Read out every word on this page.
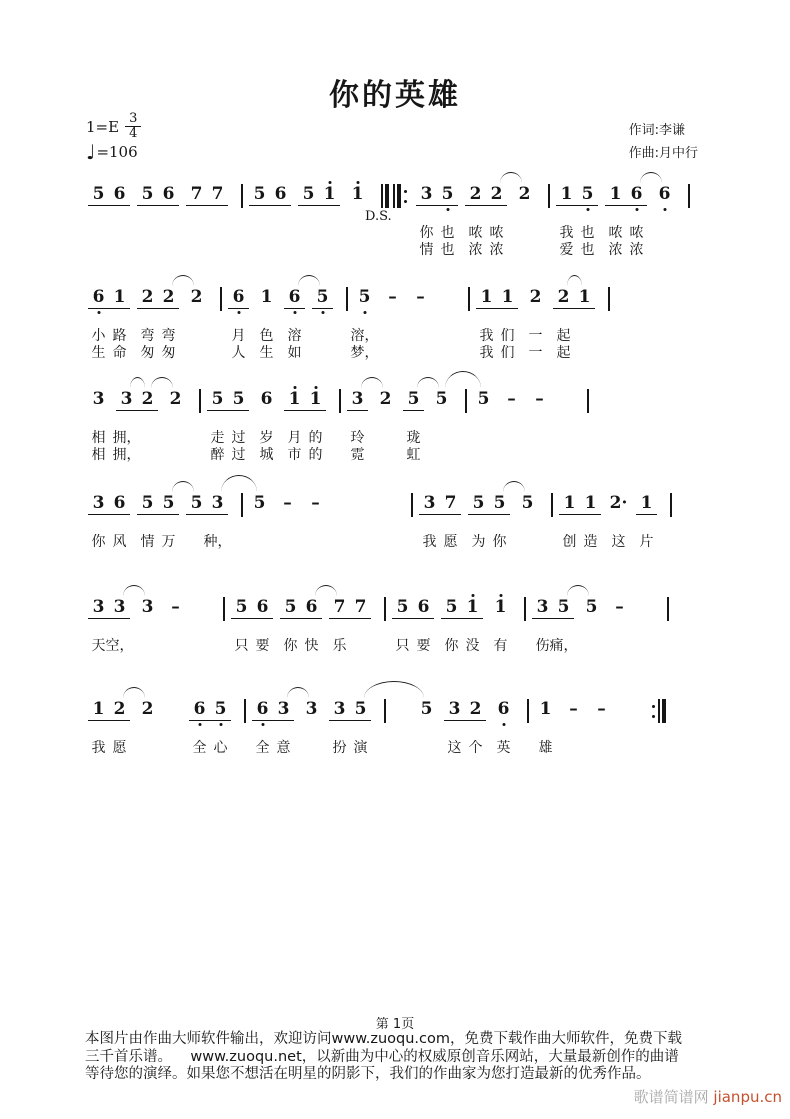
你的英雄
$1=E \frac{3}{4}$
♩ =106
作词:李谦
作曲:月中行
5 6 5 6 7 7 5 6 5 1 1
D.S.
3 5 2 2 2 1 5 1 6 6
你 也 哝 哝	我 也 哝 哝
情 也 浓 浓	爱 也 浓 浓
6 1 2 2 2 6 1 6 5 5	–	–	1 1 2 2 1
小 路 弯 弯	月 色 溶	溶，	我 们 一 起
生 命 匆 匆	人 生 如	梦，	我 们 一 起
3 3 2 2 5 5 6 1 1 3 2 5 5 5	–	–
相 拥，	走 过 岁 月 的 玲	珑
相 拥，	醉 过 城 市 的 霓	虹
3 6 5 5 5 3 5	–	–	3 7 5 5 5 1 1 2· 1
你 风 情 万 种，	我 愿 为 你	创 造 这 片
3 3 3	–	5 6 5 6 7 7 5 6 5 1 1 3 5 5	–
天 空，	只 要 你 快 乐	只 要 你 没 有 伤 痛，
1 2 2 6 5 6 3 3 3 5	5 3 2 6 1	–	–
我 愿	全 心 全 意	扮 演	这 个 英 雄
第 1页
本图片由作曲大师软件输出，欢迎访问www.zuoqu.com，免费下载作曲大师软件，免费下载
三千首乐谱。    www.zuoqu.net，以新曲为中心的权威原创音乐网站，大量最新创作的曲谱
等待您的演绎。如果您不想活在明星的阴影下，我们的作曲家为您打造最新的优秀作品。
歌谱简谱网 jianpu.cn
